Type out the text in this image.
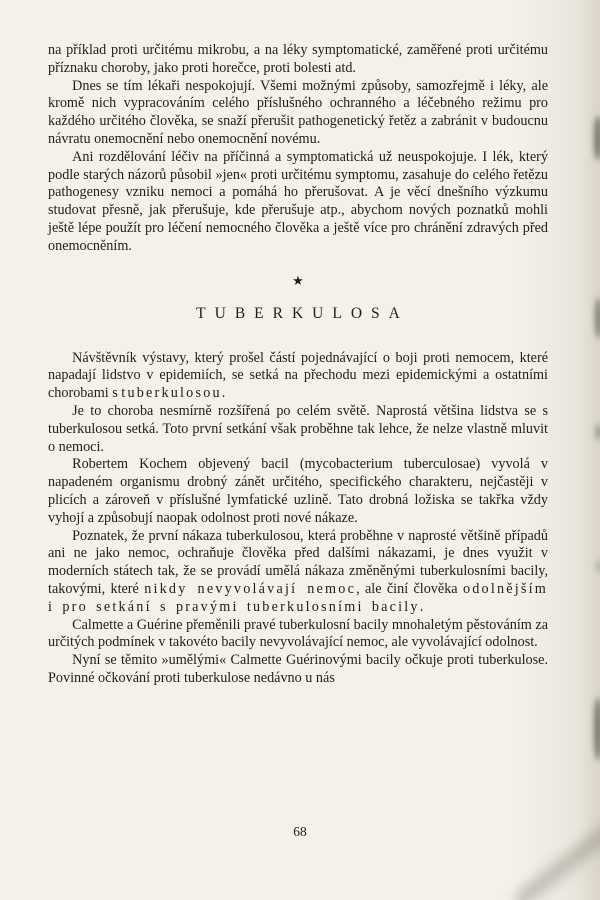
na příklad proti určitému mikrobu, a na léky symptomatické, zaměřené proti určitému příznaku choroby, jako proti horečce, proti bolesti atd.

Dnes se tím lékaři nespokojují. Všemi možnými způsoby, samozřejmě i léky, ale kromě nich vypracováním celého příslušného ochranného a léčebného režimu pro každého určitého člověka, se snaží přerušit pathogenetický řetěz a zabránit v budoucnu návratu onemocnění nebo onemocnění novému.

Ani rozdělování léčiv na příčinná a symptomatická už neuspokojuje. I lék, který podle starých názorů působil »jen« proti určitému symptomu, zasahuje do celého řetězu pathogenesy vzniku nemoci a pomáhá ho přerušovat. A je věcí dnešního výzkumu studovat přesně, jak přerušuje, kde přerušuje atp., abychom nových poznatků mohli ještě lépe použít pro léčení nemocného člověka a ještě více pro chránění zdravých před onemocněním.

★
TUBERKULOSA

Návštěvník výstavy, který prošel částí pojednávající o boji proti nemocem, které napadají lidstvo v epidemiích, se setká na přechodu mezi epidemickými a ostatními chorobami s tuberkulosou.

Je to choroba nesmírně rozšířená po celém světě. Naprostá většina lidstva se s tuberkulosou setká. Toto první setkání však proběhne tak lehce, že nelze vlastně mluvit o nemoci.

Robertem Kochem objevený bacil (mycobacterium tuberculosae) vyvolá v napadeném organismu drobný zánět určitého, specifického charakteru, nejčastěji v plicích a zároveň v příslušné lymfatické uzlině. Tato drobná ložiska se takřka vždy vyhojí a způsobují naopak odolnost proti nové nákaze.

Poznatek, že první nákaza tuberkulosou, která proběhne v naprosté většině případů ani ne jako nemoc, ochraňuje člověka před dalšími nákazami, je dnes využit v moderních státech tak, že se provádí umělá nákaza změněnými tuberkulosními bacily, takovými, které nikdy nevyvolávají nemoc, ale činí člověka odolnějším i pro setkání s pravými tuberkulosními bacily.

Calmette a Guérine přeměnili pravé tuberkulosní bacily mnohaletým pěstováním za určitých podmínek v takovéto bacily nevyvolávající nemoc, ale vyvolávající odolnost.

Nyní se těmito »umělými« Calmette Guérinovými bacily očkuje proti tuberkulose. Povinné očkování proti tuberkulose nedávno u nás

68
